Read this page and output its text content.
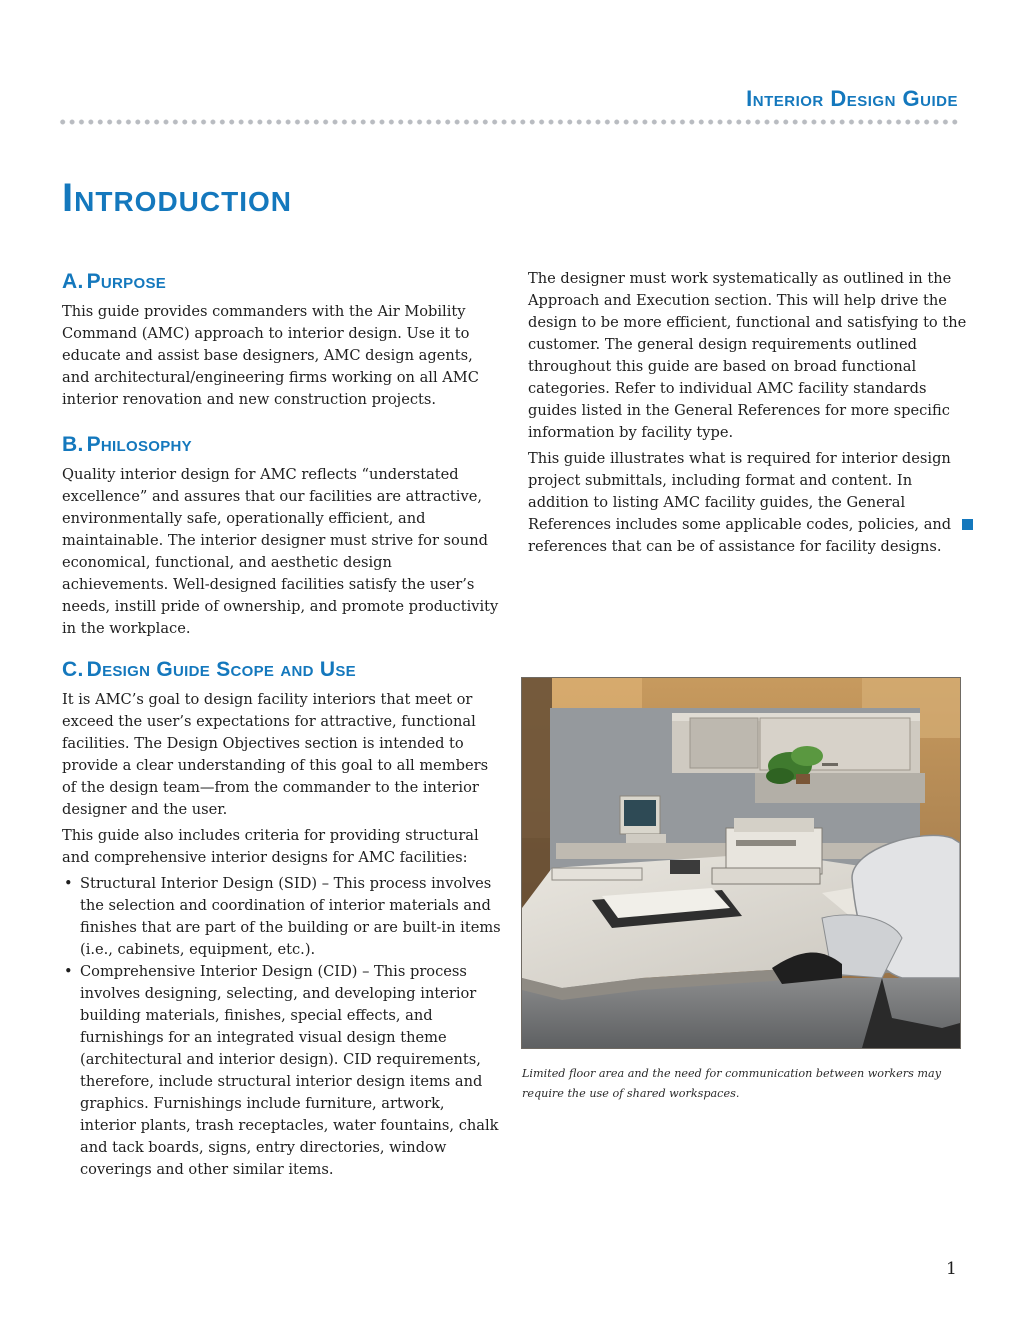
Interior Design Guide
Introduction
A. Purpose

This guide provides commanders with the Air Mobility Command (AMC) approach to interior design. Use it to educate and assist base designers, AMC design agents, and architectural/engineering firms working on all AMC interior renovation and new construction projects.

B. Philosophy

Quality interior design for AMC reflects “understated excellence” and assures that our facilities are attractive, environmentally safe, operationally efficient, and maintainable. The interior designer must strive for sound economical, functional, and aesthetic design achievements. Well-designed facilities satisfy the user’s needs, instill pride of ownership, and promote productivity in the workplace.

C. Design Guide Scope and Use

It is AMC’s goal to design facility interiors that meet or exceed the user’s expectations for attractive, functional facilities. The Design Objectives section is intended to provide a clear understanding of this goal to all members of the design team—from the commander to the interior designer and the user.

This guide also includes criteria for providing structural and comprehensive interior designs for AMC facilities:

• Structural Interior Design (SID) – This process involves the selection and coordination of interior materials and finishes that are part of the building or are built-in items (i.e., cabinets, equipment, etc.).
• Comprehensive Interior Design (CID) – This process involves designing, selecting, and developing interior building materials, finishes, special effects, and furnishings for an integrated visual design theme (architectural and interior design). CID requirements, therefore, include structural interior design items and graphics. Furnishings include furniture, artwork, interior plants, trash receptacles, water fountains, chalk and tack boards, signs, entry directories, window coverings and other similar items.

The designer must work systematically as outlined in the Approach and Execution section. This will help drive the design to be more efficient, functional and satisfying to the customer. The general design requirements outlined throughout this guide are based on broad functional categories. Refer to individual AMC facility standards guides listed in the General References for more specific information by facility type.

This guide illustrates what is required for interior design project submittals, including format and content. In addition to listing AMC facility guides, the General References includes some applicable codes, policies, and references that can be of assistance for facility designs.

Limited floor area and the need for communication between workers may require the use of shared workspaces.

1
